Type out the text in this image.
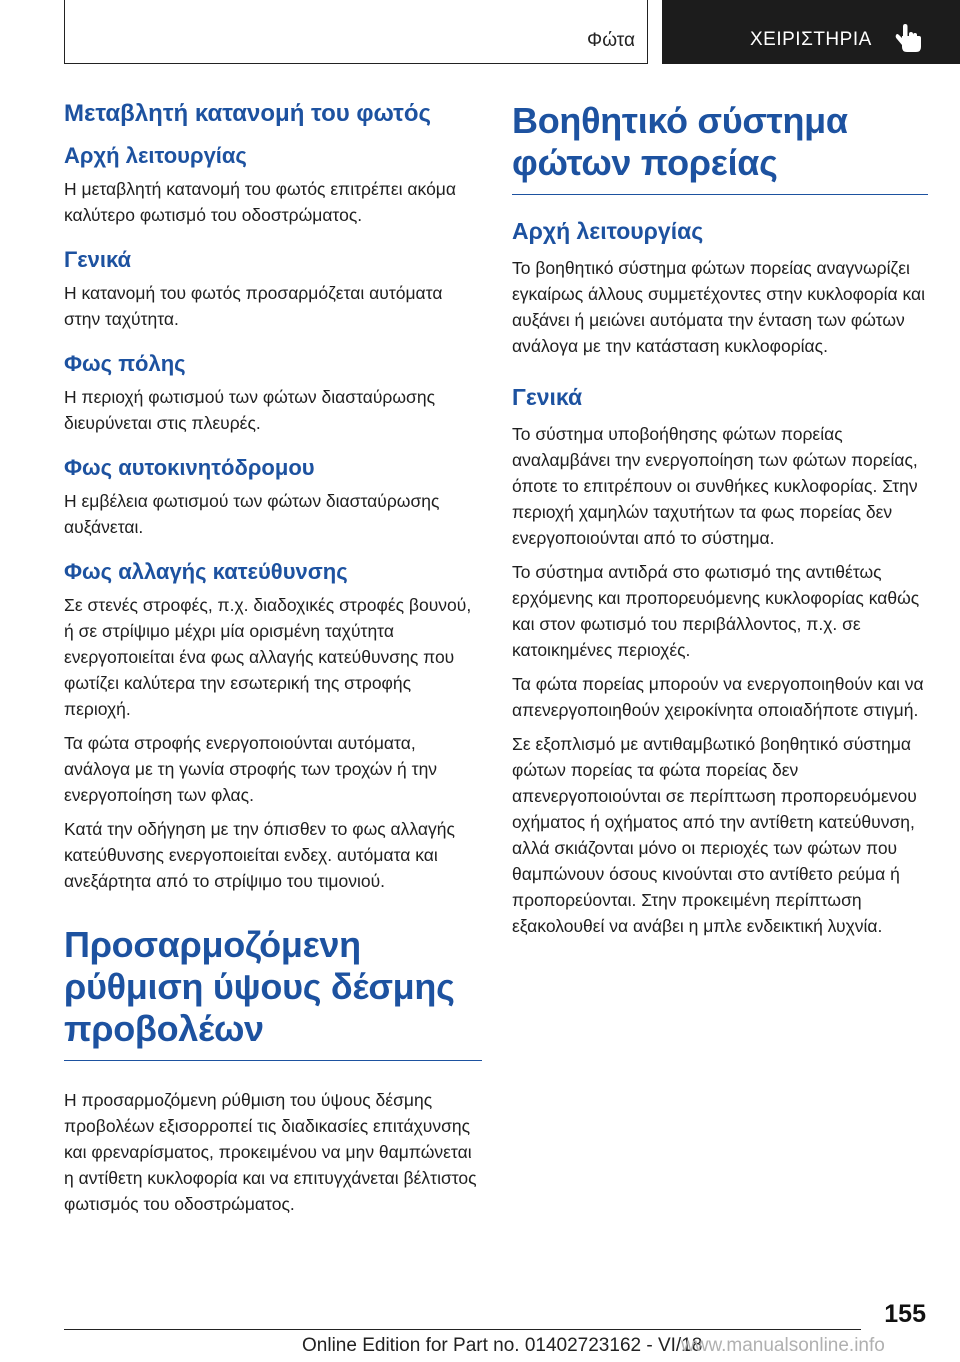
Φώτα	ΧΕΙΡΙΣΤΗΡΙΑ
Μεταβλητή κατανομή του φωτός
Αρχή λειτουργίας

Η μεταβλητή κατανομή του φωτός επιτρέπει ακόμα καλύτερο φωτισμό του οδοστρώματος.

Γενικά

Η κατανομή του φωτός προσαρμόζεται αυτόματα στην ταχύτητα.

Φως πόλης

Η περιοχή φωτισμού των φώτων διασταύρωσης διευρύνεται στις πλευρές.

Φως αυτοκινητόδρομου

Η εμβέλεια φωτισμού των φώτων διασταύρωσης αυξάνεται.

Φως αλλαγής κατεύθυνσης

Σε στενές στροφές, π.χ. διαδοχικές στροφές βουνού, ή σε στρίψιμο μέχρι μία ορισμένη ταχύτητα ενεργοποιείται ένα φως αλλαγής κατεύθυνσης που φωτίζει καλύτερα την εσωτερική της στροφής περιοχή.

Τα φώτα στροφής ενεργοποιούνται αυτόματα, ανάλογα με τη γωνία στροφής των τροχών ή την ενεργοποίηση των φλας.

Κατά την οδήγηση με την όπισθεν το φως αλλαγής κατεύθυνσης ενεργοποιείται ενδεχ. αυτόματα και ανεξάρτητα από το στρίψιμο του τιμονιού.

Προσαρμοζόμενη ρύθμιση ύψους δέσμης προβολέων

Η προσαρμοζόμενη ρύθμιση του ύψους δέσμης προβολέων εξισορροπεί τις διαδικασίες επιτάχυνσης και φρεναρίσματος, προκειμένου να μην θαμπώνεται η αντίθετη κυκλοφορία και να επιτυγχάνεται βέλτιστος φωτισμός του οδοστρώματος.

Βοηθητικό σύστημα φώτων πορείας
Αρχή λειτουργίας

Το βοηθητικό σύστημα φώτων πορείας αναγνωρίζει εγκαίρως άλλους συμμετέχοντες στην κυκλοφορία και αυξάνει ή μειώνει αυτόματα την ένταση των φώτων ανάλογα με την κατάσταση κυκλοφορίας.

Γενικά

Το σύστημα υποβοήθησης φώτων πορείας αναλαμβάνει την ενεργοποίηση των φώτων πορείας, όποτε το επιτρέπουν οι συνθήκες κυκλοφορίας. Στην περιοχή χαμηλών ταχυτήτων τα φως πορείας δεν ενεργοποιούνται από το σύστημα.

Το σύστημα αντιδρά στο φωτισμό της αντιθέτως ερχόμενης και προπορευόμενης κυκλοφορίας καθώς και στον φωτισμό του περιβάλλοντος, π.χ. σε κατοικημένες περιοχές.

Τα φώτα πορείας μπορούν να ενεργοποιηθούν και να απενεργοποιηθούν χειροκίνητα οποιαδήποτε στιγμή.

Σε εξοπλισμό με αντιθαμβωτικό βοηθητικό σύστημα φώτων πορείας τα φώτα πορείας δεν απενεργοποιούνται σε περίπτωση προπορευόμενου οχήματος ή οχήματος από την αντίθετη κατεύθυνση, αλλά σκιάζονται μόνο οι περιοχές των φώτων που θαμπώνουν όσους κινούνται στο αντίθετο ρεύμα ή προπορεύονται. Στην προκειμένη περίπτωση εξακολουθεί να ανάβει η μπλε ενδεικτική λυχνία.

155
Online Edition for Part no. 01402723162 - VI/18
www.manualsonline.info
